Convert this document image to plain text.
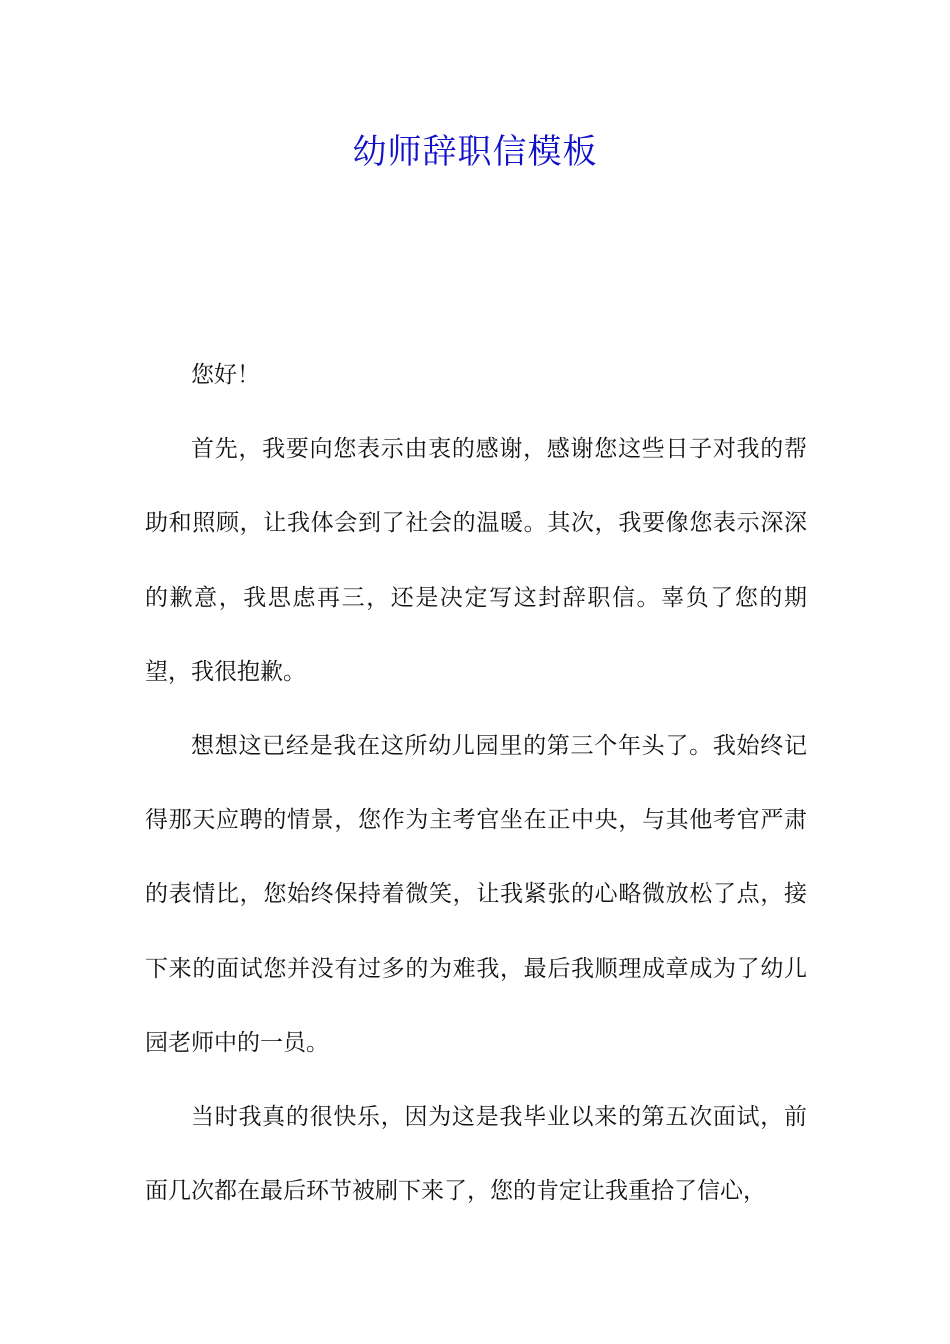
幼师辞职信模板

您好！

首先，我要向您表示由衷的感谢，感谢您这些日子对我的帮助和照顾，让我体会到了社会的温暖。其次，我要像您表示深深的歉意，我思虑再三，还是决定写这封辞职信。辜负了您的期望，我很抱歉。

想想这已经是我在这所幼儿园里的第三个年头了。我始终记得那天应聘的情景，您作为主考官坐在正中央，与其他考官严肃的表情比，您始终保持着微笑，让我紧张的心略微放松了点，接下来的面试您并没有过多的为难我，最后我顺理成章成为了幼儿园老师中的一员。

当时我真的很快乐，因为这是我毕业以来的第五次面试，前面几次都在最后环节被刷下来了，您的肯定让我重拾了信心，
